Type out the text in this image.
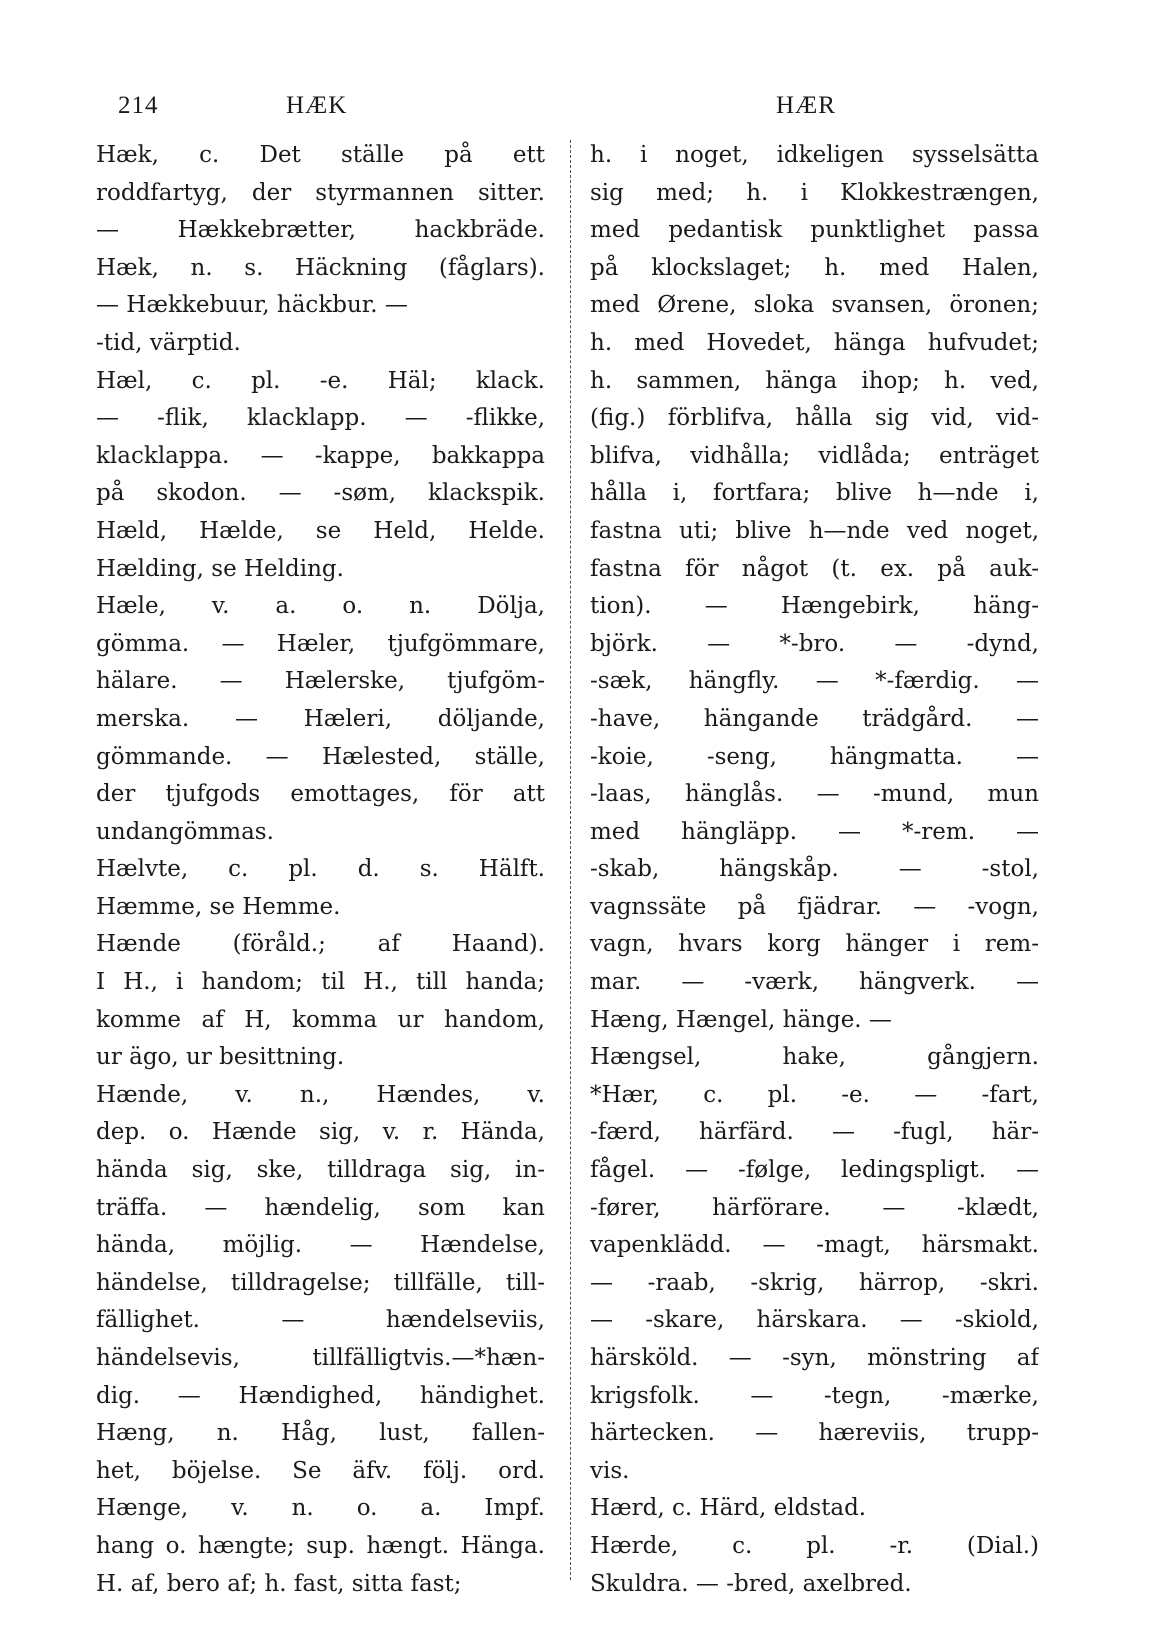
214	HÆK	HÆR
Hæk, c. Det ställe på ett
roddfartyg, der styrmannen sitter.
— Hækkebrætter, hackbräde.
Hæk, n. s. Häckning (fåglars).
— Hækkebuur, häckbur. —
-tid, värptid.
Hæl, c. pl. -e. Häl; klack.
— -flik, klacklapp. — -flikke,
klacklappa. — -kappe, bakkappa
på skodon. — -søm, klackspik.
Hæld, Hælde, se Held, Helde.
Hælding, se Helding.
Hæle, v. a. o. n. Dölja,
gömma. — Hæler, tjufgömmare,
hälare. — Hælerske, tjufgöm-
merska. — Hæleri, döljande,
gömmande. — Hælested, ställe,
der tjufgods emottages, för att
undangömmas.
Hælvte, c. pl. d. s. Hälft.
Hæmme, se Hemme.
Hænde (föråld.; af Haand).
I H., i handom; til H., till handa;
komme af H, komma ur handom,
ur ägo, ur besittning.
Hænde, v. n., Hændes, v.
dep. o. Hænde sig, v. r. Hända,
hända sig, ske, tilldraga sig, in-
träffa. — hændelig, som kan
hända, möjlig. — Hændelse,
händelse, tilldragelse; tillfälle, till-
fällighet. — hændelseviis,
händelsevis, tillfälligtvis.—*hæn-
dig. — Hændighed, händighet.
Hæng, n. Håg, lust, fallen-
het, böjelse. Se äfv. följ. ord.
Hænge, v. n. o. a. Impf.
hang o. hængte; sup. hængt. Hänga.
H. af, bero af; h. fast, sitta fast;
h. i noget, idkeligen sysselsätta
sig med; h. i Klokkestrængen,
med pedantisk punktlighet passa
på klockslaget; h. med Halen,
med Ørene, sloka svansen, öronen;
h. med Hovedet, hänga hufvudet;
h. sammen, hänga ihop; h. ved,
(fig.) förblifva, hålla sig vid, vid-
blifva, vidhålla; vidlåda; enträget
hålla i, fortfara; blive h—nde i,
fastna uti; blive h—nde ved noget,
fastna för något (t. ex. på auk-
tion). — Hængebirk, häng-
björk. — *-bro. — -dynd,
-sæk, hängfly. — *-færdig. —
-have, hängande trädgård. —
-koie, -seng, hängmatta. —
-laas, hänglås. — -mund, mun
med hängläpp. — *-rem. —
-skab, hängskåp. — -stol,
vagnssäte på fjädrar. — -vogn,
vagn, hvars korg hänger i rem-
mar. — -værk, hängverk. —
Hæng, Hængel, hänge. —
Hængsel, hake, gångjern.
*Hær, c. pl. -e. — -fart,
-færd, härfärd. — -fugl, här-
fågel. — -følge, ledingspligt. —
-fører, härförare. — -klædt,
vapenklädd. — -magt, härsmakt.
— -raab, -skrig, härrop, -skri.
— -skare, härskara. — -skiold,
härsköld. — -syn, mönstring af
krigsfolk. — -tegn, -mærke,
härtecken. — hæreviis, trupp-
vis.
Hærd, c. Härd, eldstad.
Hærde, c. pl. -r. (Dial.)
Skuldra. — -bred, axelbred.
